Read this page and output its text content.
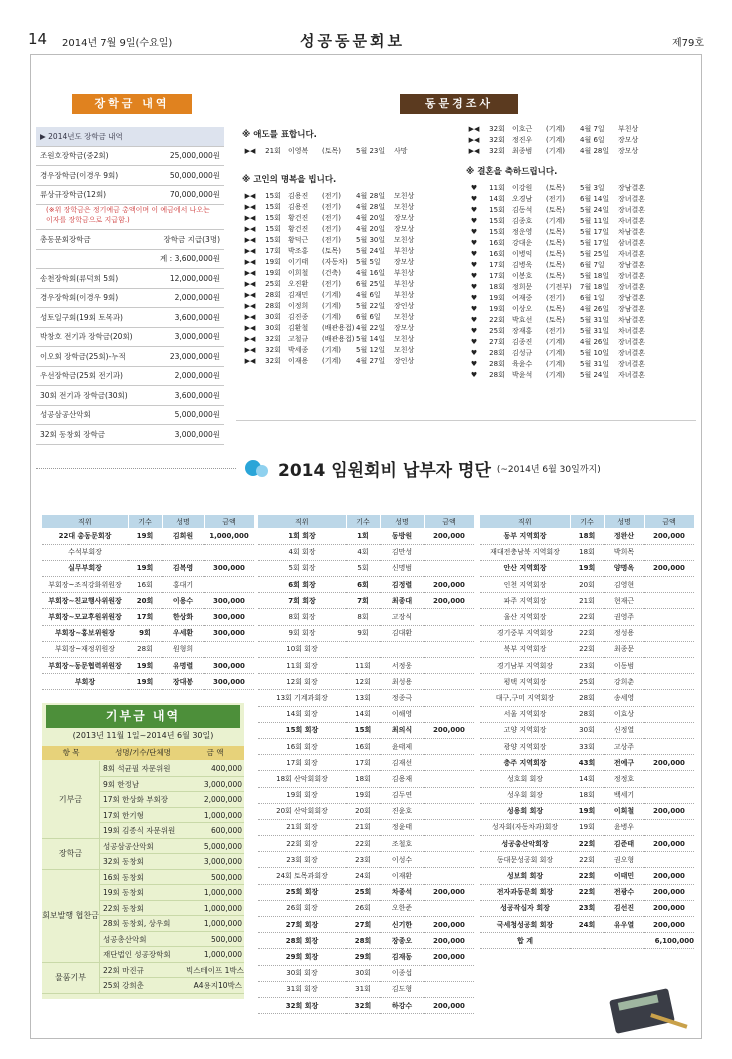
14 2014년 7월 9일(수요일)	성공동문회보	제79호
장학금 내역	동문경조사
▶ 2014년도 장학금 내역
조원호장학금(중2회)	25,000,000원
경우장학금(이경우 9회)	50,000,000원
류상규장학금(12회)	70,000,000원
(※위 장학금은 정기예금 총액이며 이 예금에서 나오는
이자를 장학금으로 지급함.)
총동문회장학금	장학금 지급(3명)
계 : 3,600,000원
송천장학회(류덕희 5회)	12,000,000원
경우장학회(이경우 9회)	2,000,000원
성토일구회(19회 토목과)	3,600,000원
박창호 전기과 장학금(20회)	3,000,000원
이오회 장학금(25회)-누적	23,000,000원
우선장학금(25회 전기과)	2,000,000원
30회 전기과 장학금(30회)	3,600,000원
성공삼공산악회	5,000,000원
32회 동창회 장학금	3,000,000원
※ 애도를 표합니다.
▶◀	21회	이영복	(토목)	5월 23일	사망
※ 고인의 명복을 빕니다.
▶◀	15회	김용진	(전기)	4월 28일	모친상
▶◀	15회	김용진	(전기)	4월 28일	모친상
▶◀	15회	황건진	(전기)	4월 20일	장모상
▶◀	15회	황건진	(전기)	4월 20일	장모상
▶◀	15회	황덕근	(전기)	5월 30일	모친상
▶◀	17회	박조홍	(토목)	5월 24일	부친상
▶◀	19회	이기태	(자동차)	5월 5일	장모상
▶◀	19회	이희철	(건축)	4월 16일	부친상
▶◀	25회	오진환	(전기)	6월 25일	부친상
▶◀	28회	김재민	(기계)	4월 6일	부친상
▶◀	28회	이정희	(기계)	5월 22일	장인상
▶◀	30회	김진종	(기계)	6월 6일	모친상
▶◀	30회	김환철	(배관용접) 4월 22일	장모상
▶◀	32회	고철규	(배관용접) 5월 14일	모친상
▶◀	32회	박세종	(기계)	5월 12일	모친상
▶◀	32회	이재용	(기계)	4월 27일	장인상
▶◀	32회	이호근	(기계)	4월 7일	부친상
▶◀	32회	정진우	(기계)	4월 6일	장모상
▶◀	32회	최종범	(기계)	4월 28일	장모상
※ 결혼을 축하드립니다.
♥	11회	이강원	(토목)	5월 3일	장남결혼
♥	14회	오경남	(전기)	6월 14일	장녀결혼
♥	15회	김동석	(토목)	5월 24일	장녀결혼
♥	15회	김종호	(기계)	5월 11일	자녀결혼
♥	15회	정운영	(토목)	5월 17일	차남결혼
♥	16회	강대운	(토목)	5월 17일	삼녀결혼
♥	16회	이병익	(토목)	5월 25일	자녀결혼
♥	17회	김병욱	(토목)	6월 7일	장남결혼
♥	17회	이봉호	(토목)	5월 18일	장녀결혼
♥	18회	정희문	(기전부)	7월 18일	장녀결혼
♥	19회	여재중	(전기)	6월 1일	장남결혼
♥	19회	이상오	(토목)	4월 26일	장남결혼
♥	22회	박효선	(토목)	5월 31일	차남결혼
♥	25회	장재홍	(전기)	5월 31일	차녀결혼
♥	27회	김종진	(기계)	4월 26일	장녀결혼
♥	28회	김성규	(기계)	5월 10일	장녀결혼
♥	28회	육윤수	(기계)	5월 31일	장녀결혼
♥	28회	박윤석	(기계)	5월 24일	자녀결혼
2014 임원회비 납부자 명단 (~2014년 6월 30일까지)
직위	기수	성명	금액
22대 총동문회장	19회	김희원	1,000,000
수석부회장			
실무부회장	19회	김복영	300,000
부회장~조직강화위원장	16회	홍대기	
부회장~친교행사위원장	20회	이용수	300,000
부회장~모교후원위원장	17회	한상화	300,000
부회장~홍보위원장	9회	우세환	300,000
부회장~재정위원장	28회	원형희	
부회장~동문협력위원장	19회	유명렬	300,000
부회장	19회	장대봉	300,000
직위	기수	성명	금액
1회 회장	1회	동방원	200,000
4회 회장	4회	김만성	
5회 회장	5회	신명범	
6회 회장	6회	김정렬	200,000
7회 회장	7회	최종대	200,000
8회 회장	8회	고장식	
9회 회장	9회	김대환	
10회 회장			
11회 회장	11회	서정웅	
12회 회장	12회	최성용	
13회 기계과회장	13회	정종극	
14회 회장	14회	이해영	
15회 회장	15회	최의식	200,000
16회 회장	16회	윤태제	
17회 회장	17회	김재선	
18회 산악회회장	18회	김용재	
19회 회장	19회	김두연	
20회 산악회회장	20회	진윤호	
21회 회장	21회	정윤태	
22회 회장	22회	조철호	
23회 회장	23회	이성수	
24회 토목과회장	24회	이재환	
25회 회장	25회	차종석	200,000
26회 회장	26회	오한준	
27회 회장	27회	신기한	200,000
28회 회장	28회	장종오	200,000
29회 회장	29회	김재동	200,000
30회 회장	30회	이종섭	
31회 회장	31회	김도형	
32회 회장	32회	하강수	200,000
직위	기수	성명	금액
동부 지역회장	18회	정완산	200,000
재대전충남북 지역회장	18회	박희목	
안산 지역회장	19회	양명옥	200,000
인천 지역회장	20회	김영현	
파주 지역회장	21회	현재근	
울산 지역회장	22회	권영주	
경기중부 지역회장	22회	정성용	
북부 지역회장	22회	최종문	
경기남부 지역회장	23회	이동범	
평택 지역회장	25회	강희춘	
대구,구미 지역회장	28회	송세영	
서울 지역회장	28회	이효상	
고양 지역회장	30회	신정열	
광양 지역회장	33회	고상주	
충주 지역회장	43회	전예구	200,000
성호회 회장	14회	정정호	
성우회 회장	18회	백세기	
성용회 회장	19회	이희철	200,000
성자회(자동차과)회장	19회	윤병우	
성공총산악회장	22회	김준태	200,000
동대문성공회 회장	22회	권오형	
성보회 회장	22회	이태민	200,000
전자과동문회 회장	22회	전광수	200,000
성공작심자 회장	23회	김선진	200,000
국세청성공회 회장	24회	유우열	200,000
합 계			6,100,000
기부금 내역
(2013년 11월 1일~2014년 6월 30일)
항 목	성명/기수/단체명	금 액
기부금
8회 석균필 자문위원	400,000
9회 한정남	3,000,000
17회 한상화 부회장	2,000,000
17회 한기형	1,000,000
19회 김종식 자문위원	600,000
장학금
성공삼공산악회	5,000,000
32회 동창회	3,000,000
회보발행 협찬금
16회 동창회	500,000
19회 동창회	1,000,000
22회 동창회	1,000,000
28회 동창회, 상우회	1,000,000
성공총산악회	500,000
재단법인 성공장학회	1,000,000
물품기부
22회 마진규	빅스테이프 1박스
25회 강희춘	A4용지10박스
